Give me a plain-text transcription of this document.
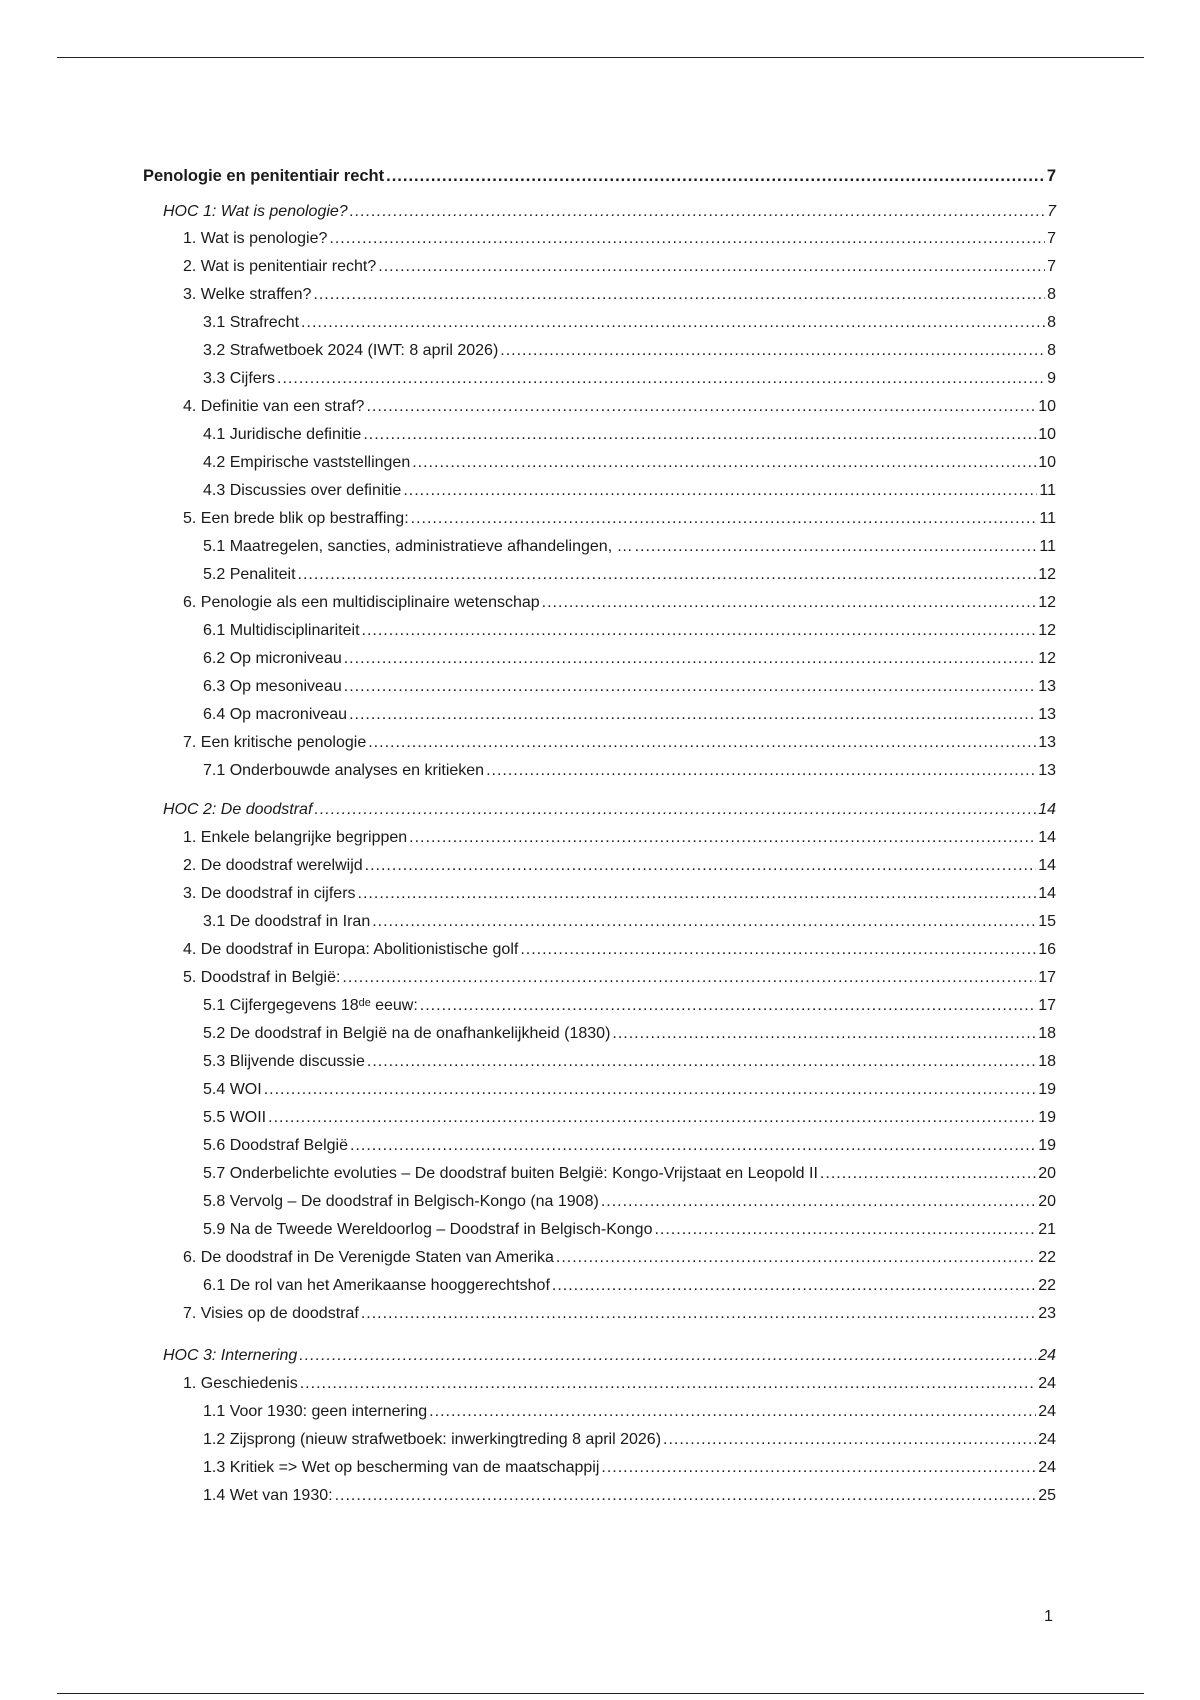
Penologie en penitentiair recht .....	7
HOC 1: Wat is penologie? .....	7
1. Wat is penologie? .....	7
2. Wat is penitentiair recht? .....	7
3. Welke straffen? .....	8
3.1 Strafrecht .....	8
3.2 Strafwetboek 2024 (IWT: 8 april 2026) .....	8
3.3 Cijfers .....	9
4. Definitie van een straf? .....	10
4.1 Juridische definitie .....	10
4.2 Empirische vaststellingen .....	10
4.3 Discussies over definitie .....	11
5. Een brede blik op bestraffing: .....	11
5.1 Maatregelen, sancties, administratieve afhandelingen, … .....	11
5.2 Penaliteit .....	12
6. Penologie als een multidisciplinaire wetenschap .....	12
6.1 Multidisciplinariteit .....	12
6.2 Op microniveau .....	12
6.3 Op mesoniveau .....	13
6.4 Op macroniveau .....	13
7. Een kritische penologie .....	13
7.1 Onderbouwde analyses en kritieken .....	13
HOC 2: De doodstraf .....	14
1. Enkele belangrijke begrippen .....	14
2. De doodstraf werelwijd .....	14
3. De doodstraf in cijfers .....	14
3.1 De doodstraf in Iran .....	15
4. De doodstraf in Europa: Abolitionistische golf .....	16
5. Doodstraf in België: .....	17
5.1 Cijfergegevens 18ᵈᵉ eeuw: .....	17
5.2 De doodstraf in België na de onafhankelijkheid (1830) .....	18
5.3 Blijvende discussie .....	18
5.4 WOI .....	19
5.5 WOII .....	19
5.6 Doodstraf België .....	19
5.7 Onderbelichte evoluties – De doodstraf buiten België: Kongo-Vrijstaat en Leopold II .....	20
5.8 Vervolg – De doodstraf in Belgisch-Kongo (na 1908) .....	20
5.9 Na de Tweede Wereldoorlog – Doodstraf in Belgisch-Kongo .....	21
6. De doodstraf in De Verenigde Staten van Amerika .....	22
6.1 De rol van het Amerikaanse hooggerechtshof .....	22
7. Visies op de doodstraf .....	23
HOC 3: Internering .....	24
1. Geschiedenis .....	24
1.1 Voor 1930: geen internering .....	24
1.2 Zijsprong (nieuw strafwetboek: inwerkingtreding 8 april 2026) .....	24
1.3 Kritiek => Wet op bescherming van de maatschappij .....	24
1.4 Wet van 1930: .....	25
1
